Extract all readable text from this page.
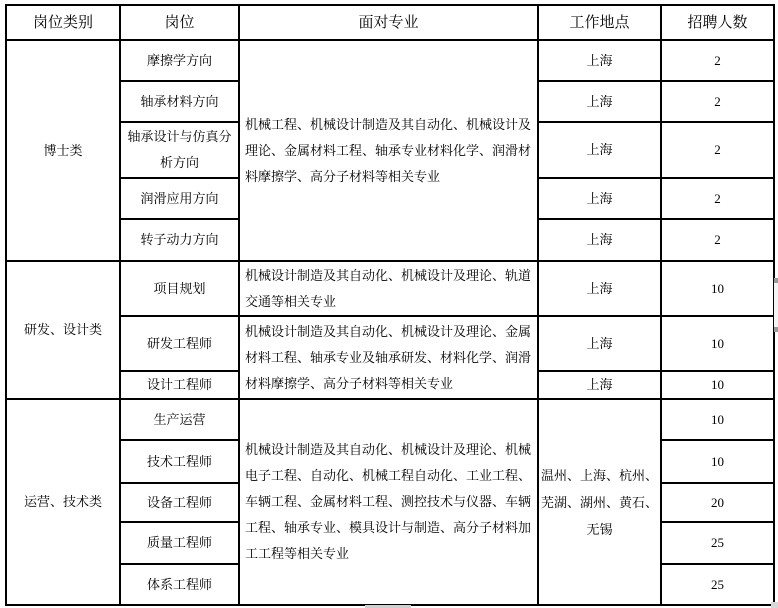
岗位类别	岗位	面对专业	工作地点	招聘人数
博士类	摩擦学方向	机械工程、机械设计制造及其自动化、机械设计及理论、金属材料工程、轴承专业材料化学、润滑材料摩擦学、高分子材料等相关专业	上海	2
	轴承材料方向		上海	2
	轴承设计与仿真分析方向		上海	2
	润滑应用方向		上海	2
	转子动力方向		上海	2
研发、设计类	项目规划	机械设计制造及其自动化、机械设计及理论、轨道交通等相关专业	上海	10
	研发工程师	机械设计制造及其自动化、机械设计及理论、金属材料工程、轴承专业及轴承研发、材料化学、润滑材料摩擦学、高分子材料等相关专业	上海	10
	设计工程师		上海	10
运营、技术类	生产运营	机械设计制造及其自动化、机械设计及理论、机械电子工程、自动化、机械工程自动化、工业工程、车辆工程、金属材料工程、测控技术与仪器、车辆工程、轴承专业、模具设计与制造、高分子材料加工工程等相关专业	温州、上海、杭州、芜湖、湖州、黄石、无锡	10
	技术工程师			10
	设备工程师			20
	质量工程师			25
	体系工程师			25
